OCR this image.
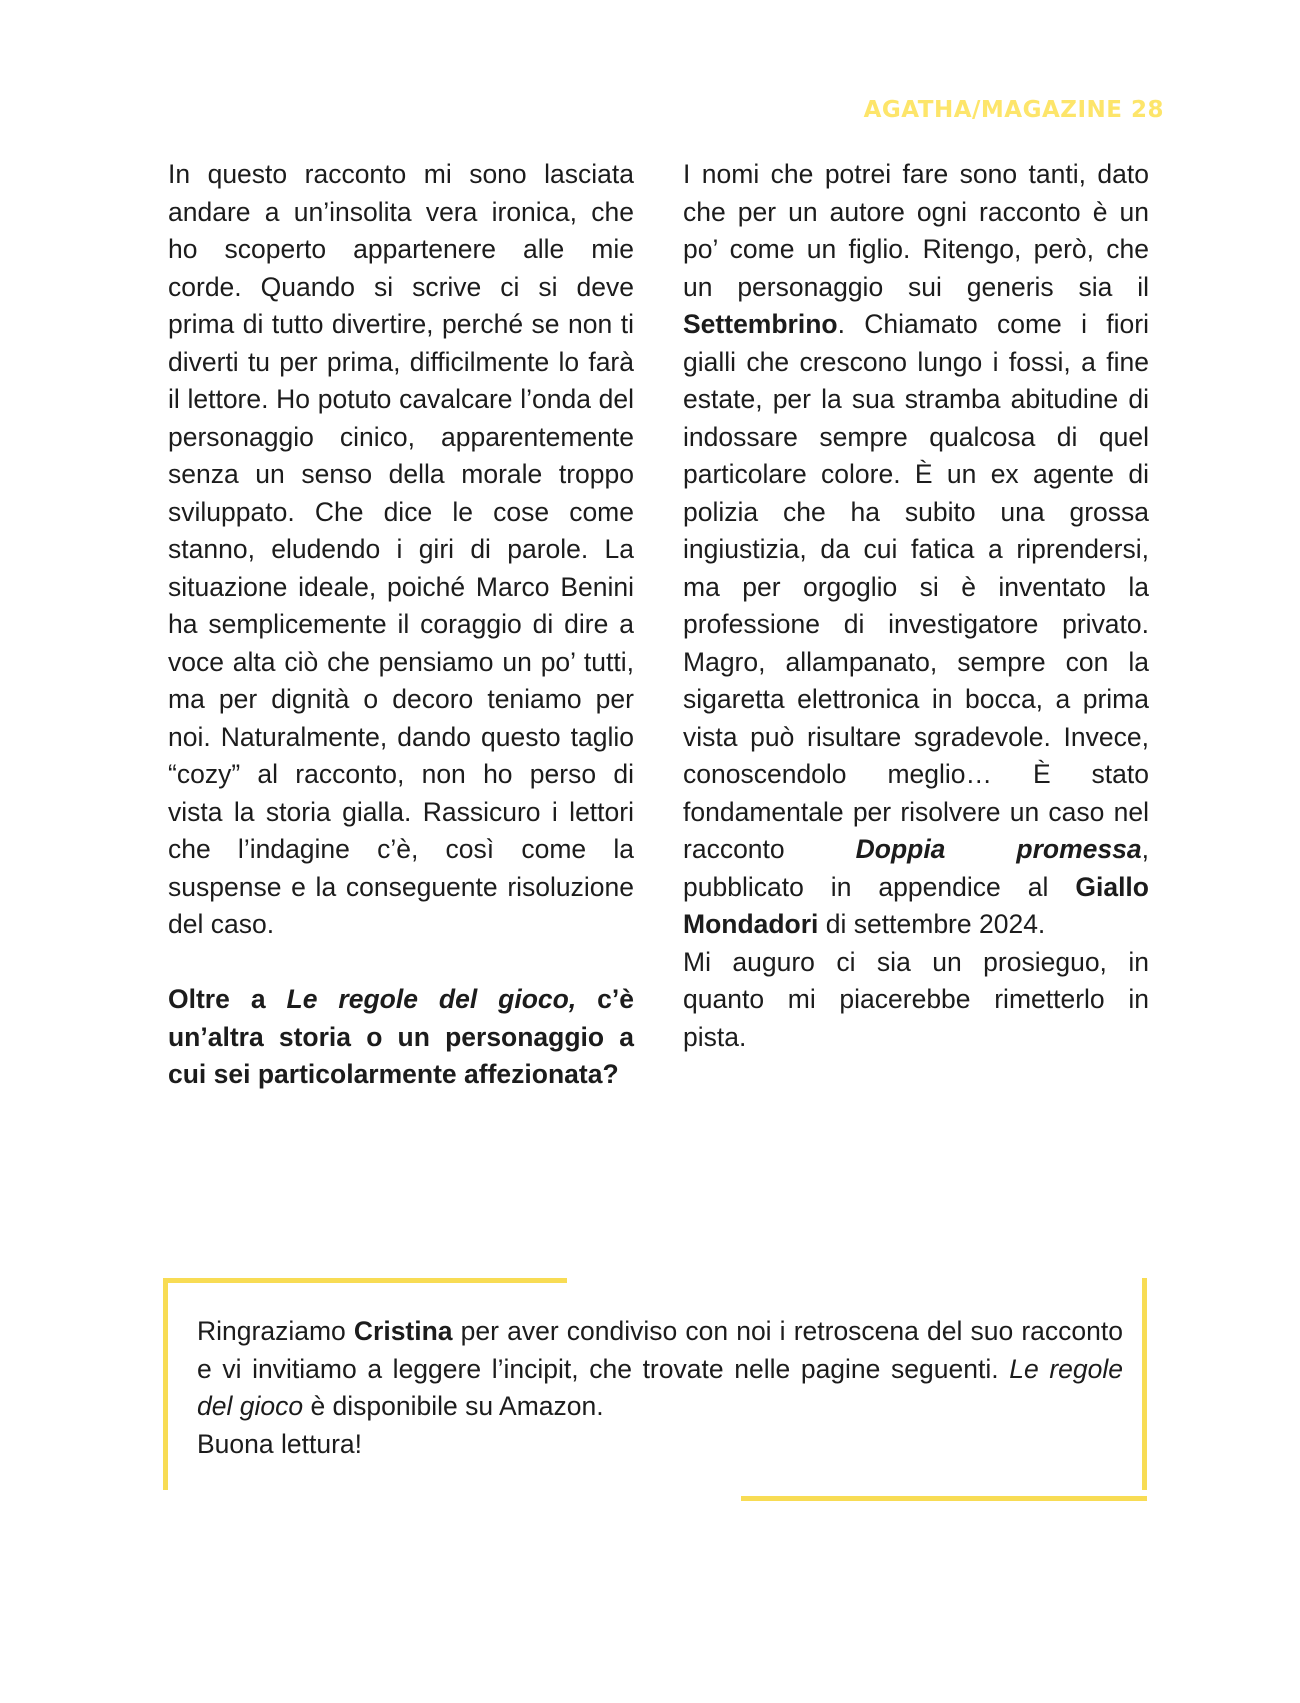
AGATHA/MAGAZINE 28

In questo racconto mi sono lasciata andare a un’insolita vera ironica, che ho scoperto appartenere alle mie corde. Quando si scrive ci si deve prima di tutto divertire, perché se non ti diverti tu per prima, difficilmente lo farà il lettore. Ho potuto cavalcare l’onda del personaggio cinico, apparentemente senza un senso della morale troppo sviluppato. Che dice le cose come stanno, eludendo i giri di parole. La situazione ideale, poiché Marco Benini ha semplicemente il coraggio di dire a voce alta ciò che pensiamo un po’ tutti, ma per dignità o decoro teniamo per noi. Naturalmente, dando questo taglio “cozy” al racconto, non ho perso di vista la storia gialla. Rassicuro i lettori che l’indagine c’è, così come la suspense e la conseguente risoluzione del caso.

Oltre a Le regole del gioco, c’è un’altra storia o un personaggio a cui sei particolarmente affezionata?

I nomi che potrei fare sono tanti, dato che per un autore ogni racconto è un po’ come un figlio. Ritengo, però, che un personaggio sui generis sia il Settembrino. Chiamato come i fiori gialli che crescono lungo i fossi, a fine estate, per la sua stramba abitudine di indossare sempre qualcosa di quel particolare colore. È un ex agente di polizia che ha subito una grossa ingiustizia, da cui fatica a riprendersi, ma per orgoglio si è inventato la professione di investigatore privato. Magro, allampanato, sempre con la sigaretta elettronica in bocca, a prima vista può risultare sgradevole. Invece, conoscendolo meglio… È stato fondamentale per risolvere un caso nel racconto Doppia promessa, pubblicato in appendice al Giallo Mondadori di settembre 2024.

Mi auguro ci sia un prosieguo, in quanto mi piacerebbe rimetterlo in pista.

Ringraziamo Cristina per aver condiviso con noi i retroscena del suo racconto e vi invitiamo a leggere l’incipit, che trovate nelle pagine seguenti. Le regole del gioco è disponibile su Amazon.

Buona lettura!
